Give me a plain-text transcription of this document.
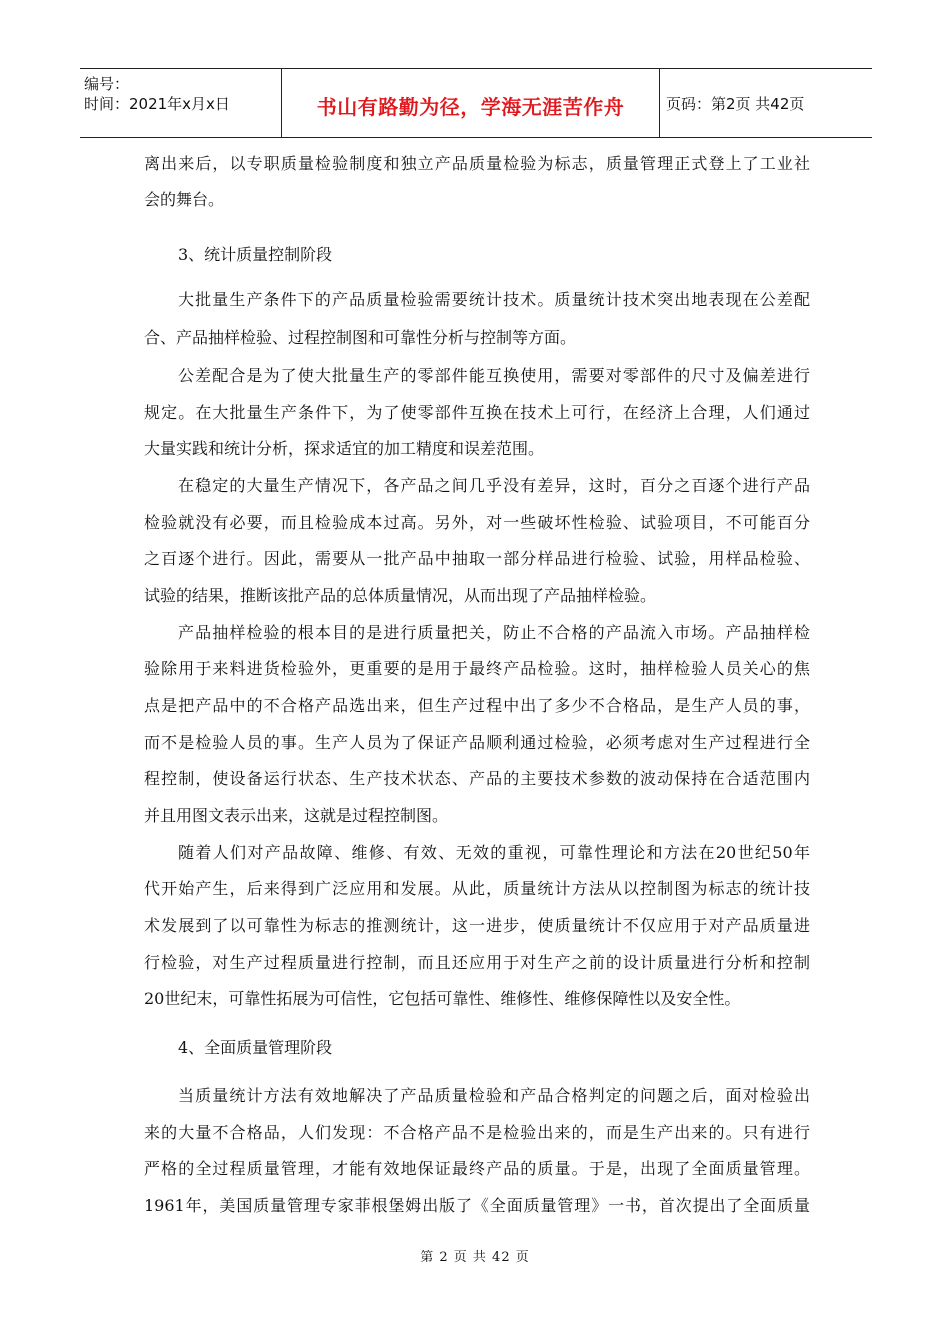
编号：
时间：2021年x月x日	书山有路勤为径，学海无涯苦作舟	页码：第2页 共42页
离出来后，以专职质量检验制度和独立产品质量检验为标志，质量管理正式登上了工业社
会的舞台。
3、统计质量控制阶段
大批量生产条件下的产品质量检验需要统计技术。质量统计技术突出地表现在公差配
合、产品抽样检验、过程控制图和可靠性分析与控制等方面。
公差配合是为了使大批量生产的零部件能互换使用，需要对零部件的尺寸及偏差进行
规定。在大批量生产条件下，为了使零部件互换在技术上可行，在经济上合理，人们通过
大量实践和统计分析，探求适宜的加工精度和误差范围。
在稳定的大量生产情况下，各产品之间几乎没有差异，这时，百分之百逐个进行产品
检验就没有必要，而且检验成本过高。另外，对一些破坏性检验、试验项目，不可能百分
之百逐个进行。因此，需要从一批产品中抽取一部分样品进行检验、试验，用样品检验、
试验的结果，推断该批产品的总体质量情况，从而出现了产品抽样检验。
产品抽样检验的根本目的是进行质量把关，防止不合格的产品流入市场。产品抽样检
验除用于来料进货检验外，更重要的是用于最终产品检验。这时，抽样检验人员关心的焦
点是把产品中的不合格产品选出来，但生产过程中出了多少不合格品，是生产人员的事，
而不是检验人员的事。生产人员为了保证产品顺利通过检验，必须考虑对生产过程进行全
程控制，使设备运行状态、生产技术状态、产品的主要技术参数的波动保持在合适范围内
并且用图文表示出来，这就是过程控制图。
随着人们对产品故障、维修、有效、无效的重视，可靠性理论和方法在20世纪50年
代开始产生，后来得到广泛应用和发展。从此，质量统计方法从以控制图为标志的统计技
术发展到了以可靠性为标志的推测统计，这一进步，使质量统计不仅应用于对产品质量进
行检验，对生产过程质量进行控制，而且还应用于对生产之前的设计质量进行分析和控制
20世纪末，可靠性拓展为可信性，它包括可靠性、维修性、维修保障性以及安全性。
4、全面质量管理阶段
当质量统计方法有效地解决了产品质量检验和产品合格判定的问题之后，面对检验出
来的大量不合格品，人们发现：不合格产品不是检验出来的，而是生产出来的。只有进行
严格的全过程质量管理，才能有效地保证最终产品的质量。于是，出现了全面质量管理。
1961年，美国质量管理专家菲根堡姆出版了《全面质量管理》一书，首次提出了全面质量
第 2 页 共 42 页
